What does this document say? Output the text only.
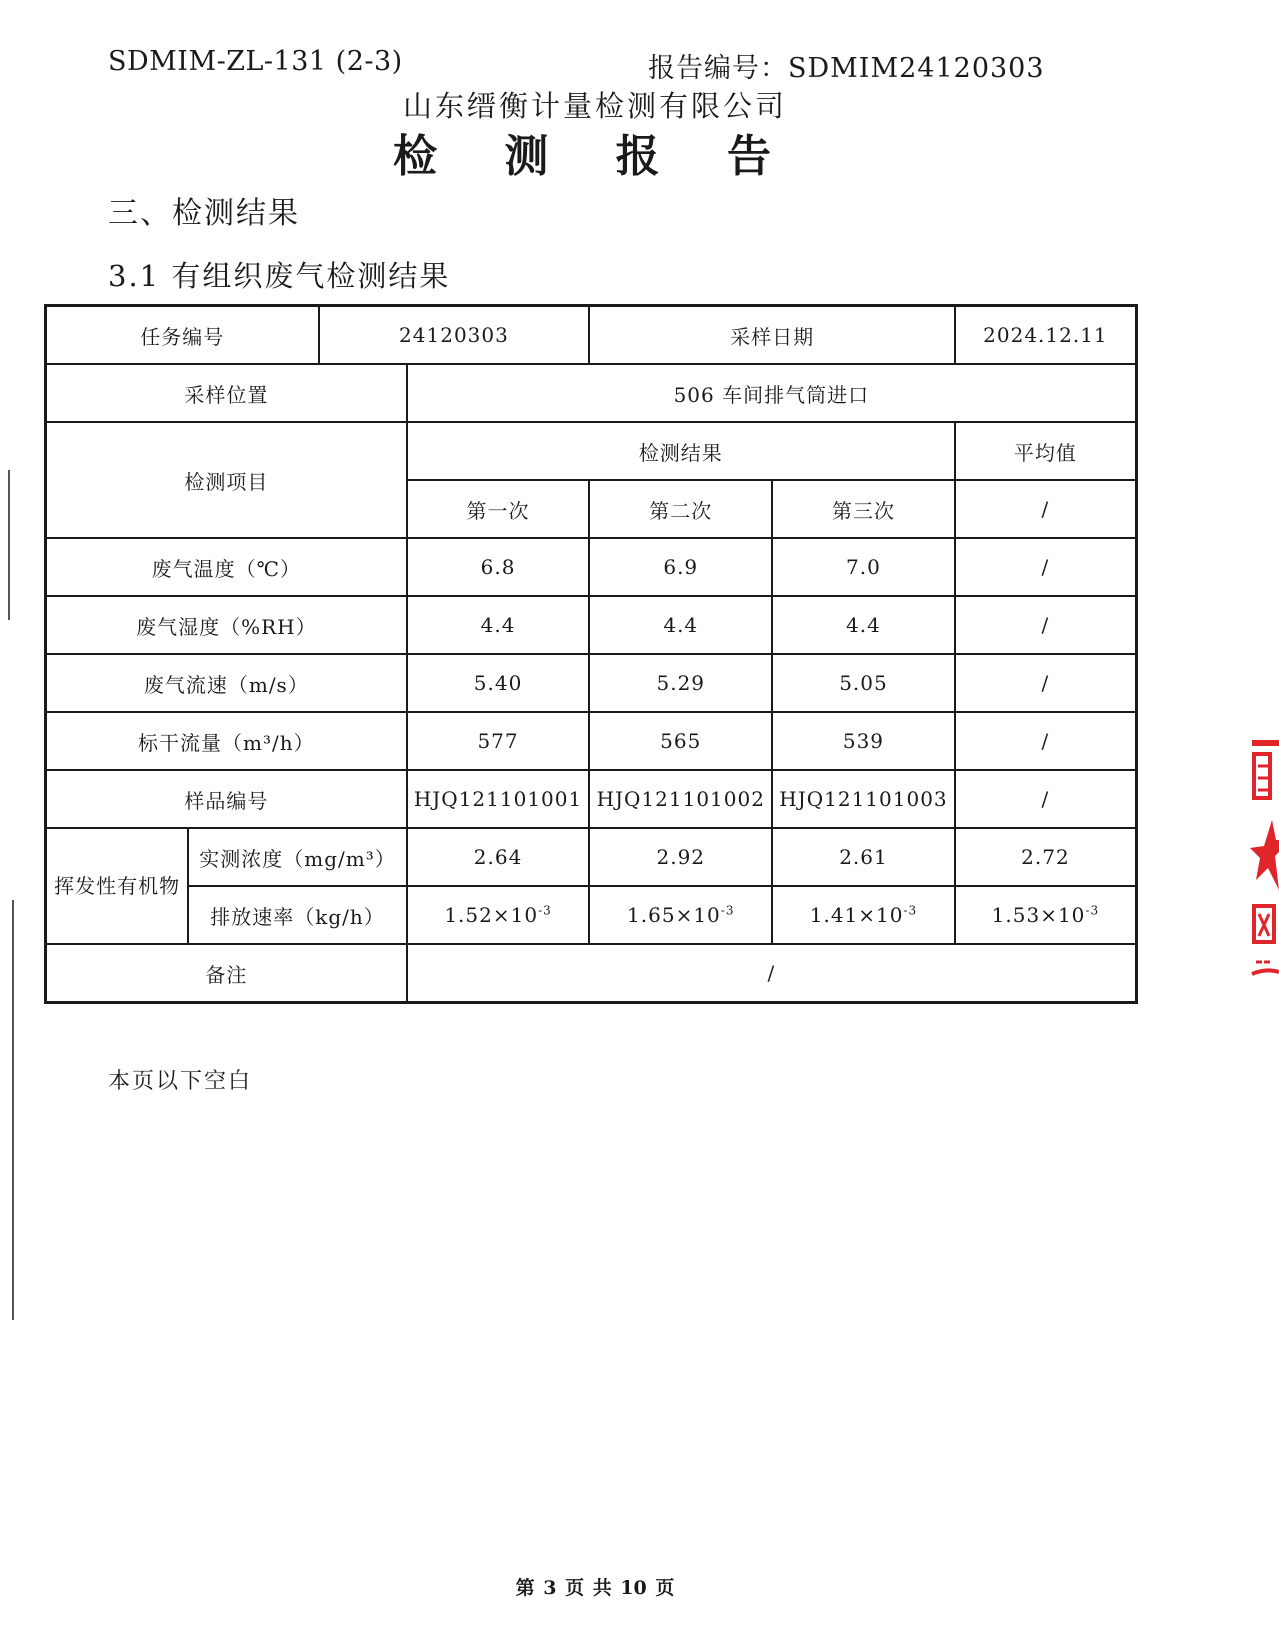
SDMIM-ZL-131 (2-3)	报告编号：SDMIM24120303
山东缙衡计量检测有限公司
检 测 报 告
三、检测结果
3.1 有组织废气检测结果
任务编号		24120303		采样日期		2024.12.11
采样位置			506 车间排气筒进口			
检测项目			检测结果			平均值
			第一次	第二次	第三次	/
废气温度（℃）			6.8	6.9	7.0	/
废气湿度（%RH）			4.4	4.4	4.4	/
废气流速（m/s）			5.40	5.29	5.05	/
标干流量（m³/h）			577	565	539	/
样品编号			HJQ121101001	HJQ121101002	HJQ121101003	/
挥发性有机物	实测浓度（mg/m³）		2.64	2.92	2.61	2.72
	排放速率（kg/h）		$1.52\times 10^{-3}$	$1.65\times 10^{-3}$	$1.41\times 10^{-3}$	$1.53\times 10^{-3}$
备注			/			
本页以下空白
第 3 页 共 10 页
